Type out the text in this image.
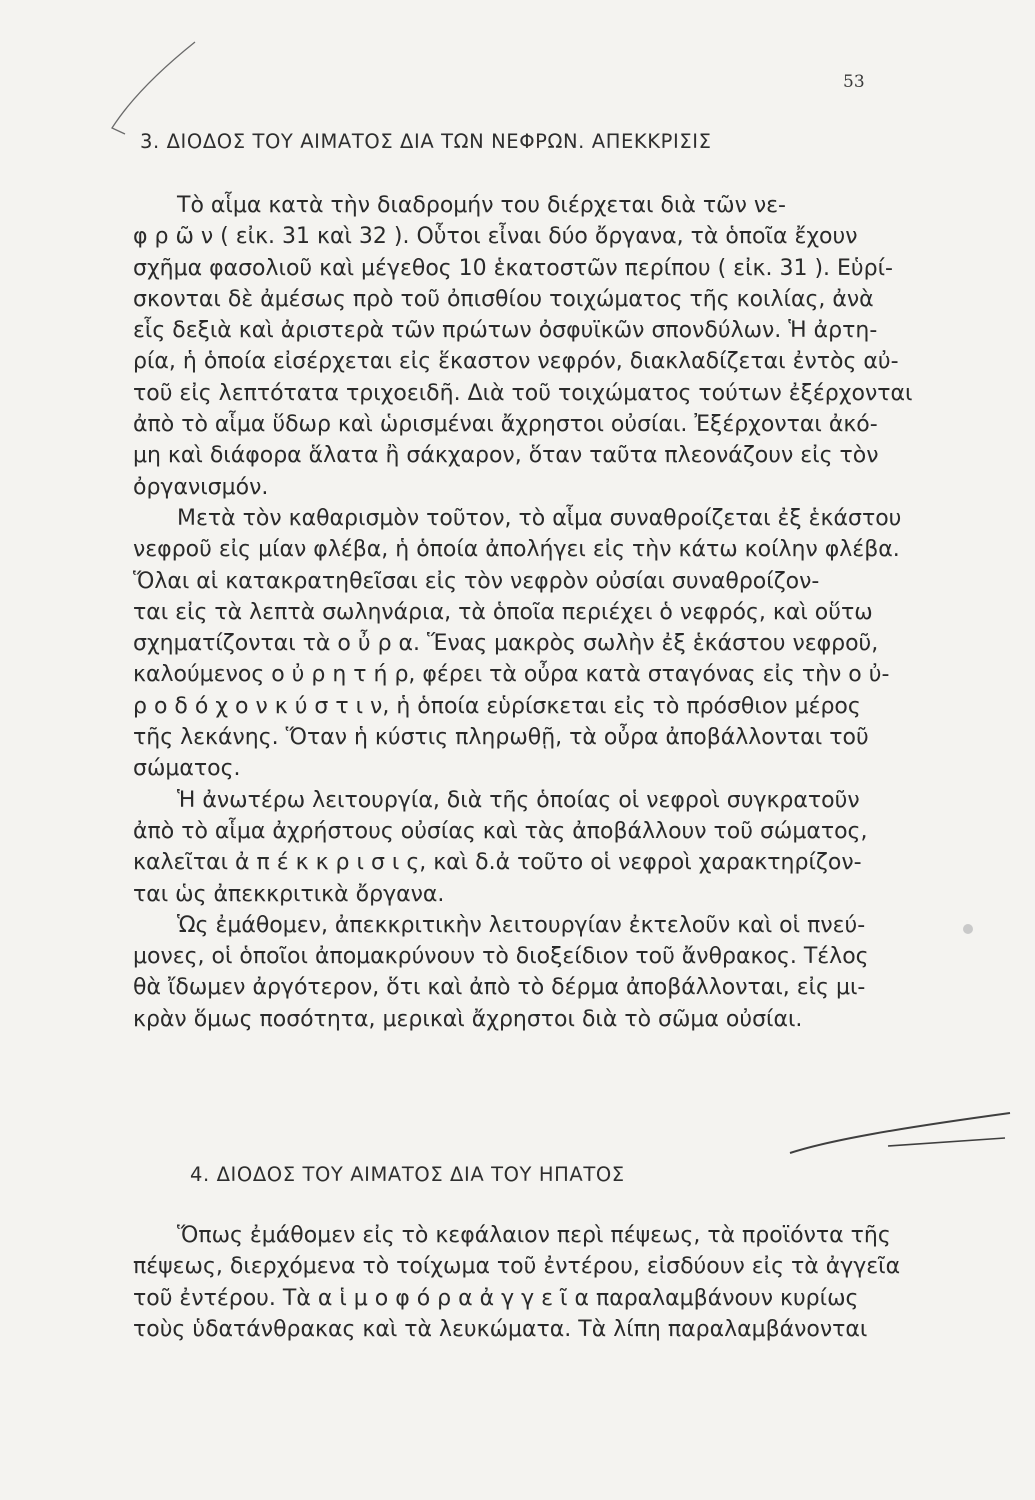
53
3. ΔΙΟΔΟΣ ΤΟΥ ΑΙΜΑΤΟΣ ΔΙΑ ΤΩΝ ΝΕΦΡΩΝ. ΑΠΕΚΚΡΙΣΙΣ
Τὸ αἷμα κατὰ τὴν διαδρομήν του διέρχεται διὰ τῶν νε-
φ ρ ῶ ν ( εἰκ. 31 καὶ 32 ). Οὗτοι εἶναι δύο ὄργανα, τὰ ὁποῖα ἔχουν
σχῆμα φασολιοῦ καὶ μέγεθος 10 ἑκατοστῶν περίπου ( εἰκ. 31 ). Εὑρί-
σκονται δὲ ἀμέσως πρὸ τοῦ ὀπισθίου τοιχώματος τῆς κοιλίας, ἀνὰ
εἷς δεξιὰ καὶ ἀριστερὰ τῶν πρώτων ὀσφυϊκῶν σπονδύλων. Ἡ ἀρτη-
ρία, ἡ ὁποία εἰσέρχεται εἰς ἕκαστον νεφρόν, διακλαδίζεται ἐντὸς αὐ-
τοῦ εἰς λεπτότατα τριχοειδῆ. Διὰ τοῦ τοιχώματος τούτων ἐξέρχονται
ἀπὸ τὸ αἷμα ὕδωρ καὶ ὡρισμέναι ἄχρηστοι οὐσίαι. Ἐξέρχονται ἀκό-
μη καὶ διάφορα ἅλατα ἢ σάκχαρον, ὅταν ταῦτα πλεονάζουν εἰς τὸν
ὀργανισμόν.
Μετὰ τὸν καθαρισμὸν τοῦτον, τὸ αἷμα συναθροίζεται ἐξ ἑκάστου
νεφροῦ εἰς μίαν φλέβα, ἡ ὁποία ἀπολήγει εἰς τὴν κάτω κοίλην φλέβα.
Ὅλαι αἱ κατακρατηθεῖσαι εἰς τὸν νεφρὸν οὐσίαι συναθροίζον-
ται εἰς τὰ λεπτὰ σωληνάρια, τὰ ὁποῖα περιέχει ὁ νεφρός, καὶ οὕτω
σχηματίζονται τὰ ο ὖ ρ α. Ἕνας μακρὸς σωλὴν ἐξ ἑκάστου νεφροῦ,
καλούμενος ο ὐ ρ η τ ή ρ, φέρει τὰ οὖρα κατὰ σταγόνας εἰς τὴν ο ὐ-
ρ ο δ ό χ ο ν κ ύ σ τ ι ν, ἡ ὁποία εὑρίσκεται εἰς τὸ πρόσθιον μέρος
τῆς λεκάνης. Ὅταν ἡ κύστις πληρωθῇ, τὰ οὖρα ἀποβάλλονται τοῦ
σώματος.
Ἡ ἀνωτέρω λειτουργία, διὰ τῆς ὁποίας οἱ νεφροὶ συγκρατοῦν
ἀπὸ τὸ αἷμα ἀχρήστους οὐσίας καὶ τὰς ἀποβάλλουν τοῦ σώματος,
καλεῖται ἀ π έ κ κ ρ ι σ ι ς, καὶ δ.ἀ τοῦτο οἱ νεφροὶ χαρακτηρίζον-
ται ὡς ἀπεκκριτικὰ ὄργανα.
Ὡς ἐμάθομεν, ἀπεκκριτικὴν λειτουργίαν ἐκτελοῦν καὶ οἱ πνεύ-
μονες, οἱ ὁποῖοι ἀπομακρύνουν τὸ διοξείδιον τοῦ ἄνθρακος. Τέλος
θὰ ἴδωμεν ἀργότερον, ὅτι καὶ ἀπὸ τὸ δέρμα ἀποβάλλονται, εἰς μι-
κρὰν ὅμως ποσότητα, μερικαὶ ἄχρηστοι διὰ τὸ σῶμα οὐσίαι.
4. ΔΙΟΔΟΣ ΤΟΥ ΑΙΜΑΤΟΣ ΔΙΑ ΤΟΥ ΗΠΑΤΟΣ
Ὅπως ἐμάθομεν εἰς τὸ κεφάλαιον περὶ πέψεως, τὰ προϊόντα τῆς
πέψεως, διερχόμενα τὸ τοίχωμα τοῦ ἐντέρου, εἰσδύουν εἰς τὰ ἀγγεῖα
τοῦ ἐντέρου. Τὰ α ἱ μ ο φ ό ρ α ἀ γ γ ε ῖ α παραλαμβάνουν κυρίως
τοὺς ὑδατάνθρακας καὶ τὰ λευκώματα. Τὰ λίπη παραλαμβάνονται
